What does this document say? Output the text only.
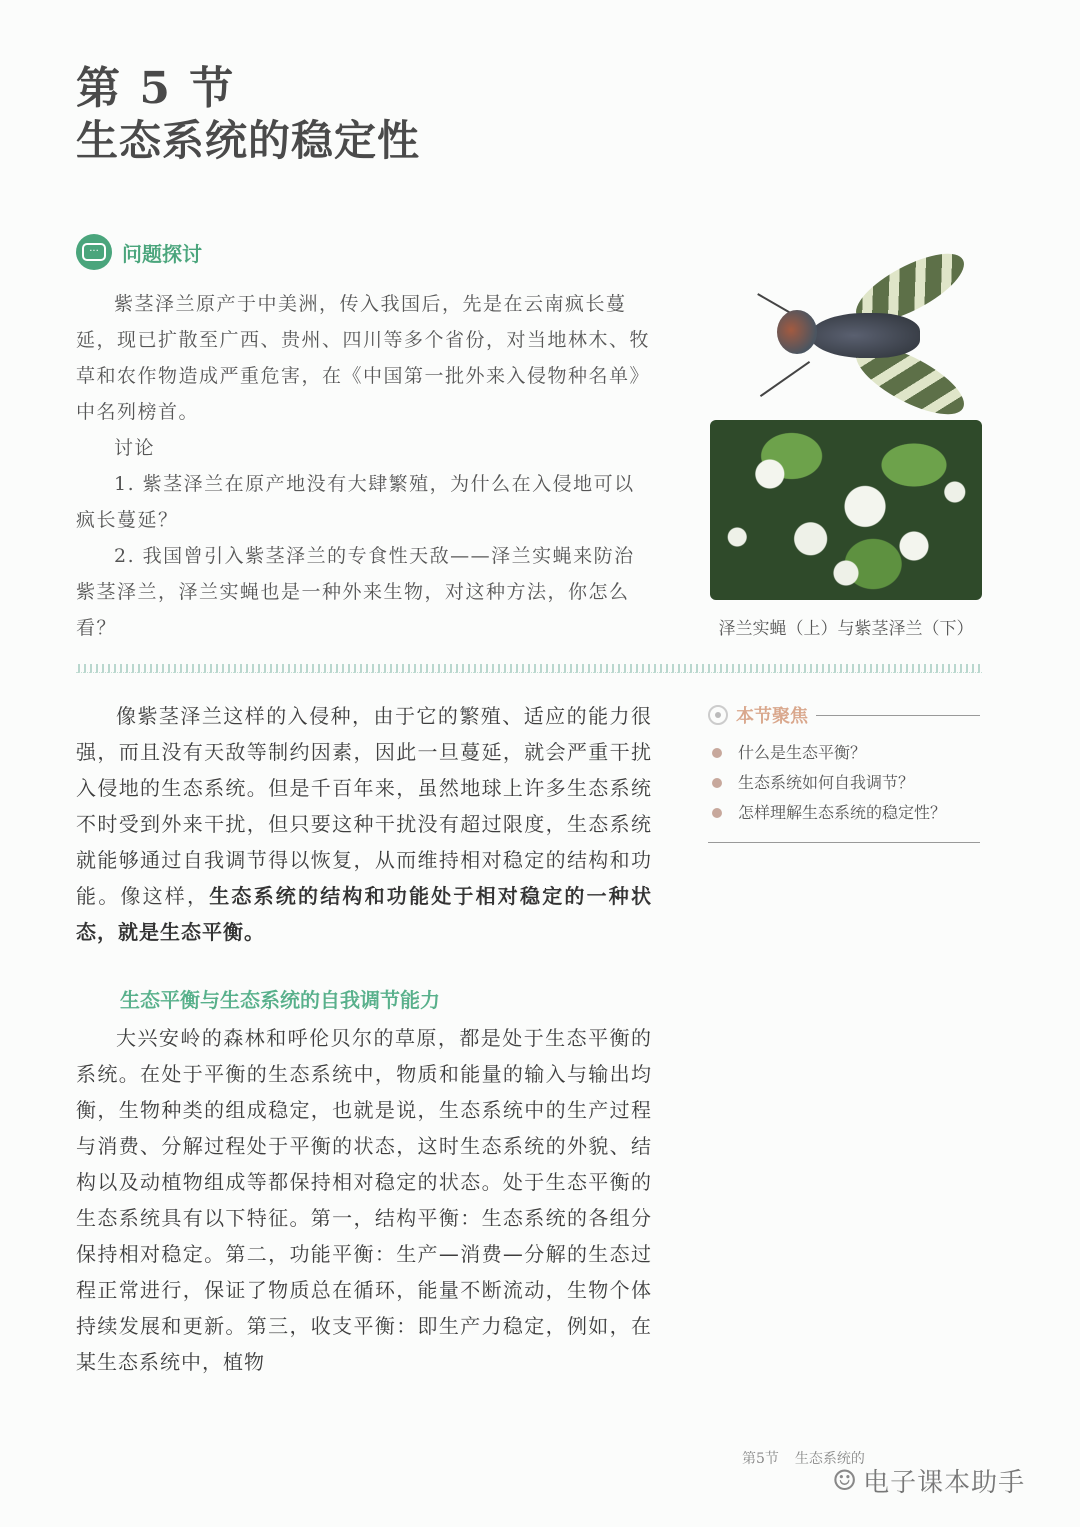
第 5 节
生态系统的稳定性
···	问题探讨

紫茎泽兰原产于中美洲，传入我国后，先是在云南疯长蔓延，现已扩散至广西、贵州、四川等多个省份，对当地林木、牧草和农作物造成严重危害，在《中国第一批外来入侵物种名单》中名列榜首。

讨论

1. 紫茎泽兰在原产地没有大肆繁殖，为什么在入侵地可以疯长蔓延？

2. 我国曾引入紫茎泽兰的专食性天敌——泽兰实蝇来防治紫茎泽兰，泽兰实蝇也是一种外来生物，对这种方法，你怎么看？	泽兰实蝇（上）与紫茎泽兰（下）

像紫茎泽兰这样的入侵种，由于它的繁殖、适应的能力很强，而且没有天敌等制约因素，因此一旦蔓延，就会严重干扰入侵地的生态系统。但是千百年来，虽然地球上许多生态系统不时受到外来干扰，但只要这种干扰没有超过限度，生态系统就能够通过自我调节得以恢复，从而维持相对稳定的结构和功能。像这样，生态系统的结构和功能处于相对稳定的一种状态，就是生态平衡。

本节聚焦
什么是生态平衡？
生态系统如何自我调节？
怎样理解生态系统的稳定性？
生态平衡与生态系统的自我调节能力

大兴安岭的森林和呼伦贝尔的草原，都是处于生态平衡的系统。在处于平衡的生态系统中，物质和能量的输入与输出均衡，生物种类的组成稳定，也就是说，生态系统中的生产过程与消费、分解过程处于平衡的状态，这时生态系统的外貌、结构以及动植物组成等都保持相对稳定的状态。处于生态平衡的生态系统具有以下特征。第一，结构平衡：生态系统的各组分保持相对稳定。第二，功能平衡：生产—消费—分解的生态过程正常进行，保证了物质总在循环，能量不断流动，生物个体持续发展和更新。第三，收支平衡：即生产力稳定，例如，在某生态系统中，植物

第5节 生态系统的
☺ 电子课本助手
